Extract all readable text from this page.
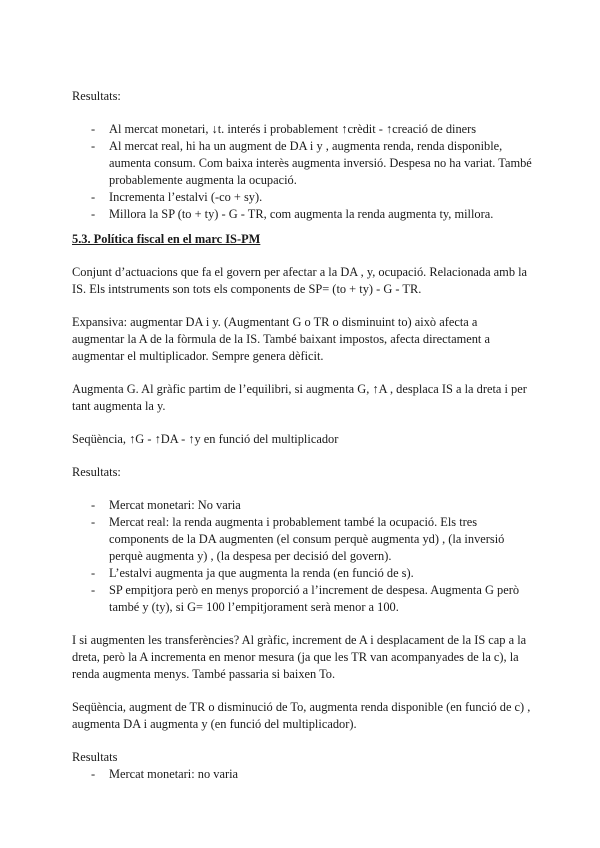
Resultats:

- Al mercat monetari, ↓t. interés i probablement ↑crèdit - ↑creació de diners
- Al mercat real, hi ha un augment de DA i y , augmenta renda, renda disponible, aumenta consum. Com baixa interès augmenta inversió. Despesa no ha variat. També probablemente augmenta la ocupació.
- Incrementa l’estalvi (-co + sy).
- Millora la SP (to + ty) - G - TR, com augmenta la renda augmenta ty, millora.
5.3. Política fiscal en el marc IS-PM

Conjunt d’actuacions que fa el govern per afectar a la DA , y, ocupació. Relacionada amb la IS. Els intstruments son tots els components de SP= (to + ty) - G - TR.

Expansiva: augmentar DA i y. (Augmentant G o TR o disminuint to) això afecta a augmentar la A de la fòrmula de la IS. També baixant impostos, afecta directament a augmentar el multiplicador. Sempre genera dèficit.

Augmenta G. Al gràfic partim de l’equilibri, si augmenta G, ↑A , desplaca IS a la dreta i per tant augmenta la y.

Seqüència, ↑G - ↑DA - ↑y en funció del multiplicador

Resultats:

- Mercat monetari: No varia
- Mercat real: la renda augmenta i probablement també la ocupació. Els tres components de la DA augmenten (el consum perquè augmenta yd) , (la inversió perquè augmenta y) , (la despesa per decisió del govern).
- L’estalvi augmenta ja que augmenta la renda (en funció de s).
- SP empitjora però en menys proporció a l’increment de despesa. Augmenta G però també y (ty), si G= 100 l’empitjorament serà menor a 100.

I si augmenten les transferències? Al gràfic, increment de A i desplacament de la IS cap a la dreta, però la A incrementa en menor mesura (ja que les TR van acompanyades de la c), la renda augmenta menys. També passaria si baixen To.

Seqüència, augment de TR o disminució de To, augmenta renda disponible (en funció de c) , augmenta DA i augmenta y (en funció del multiplicador).

Resultats

- Mercat monetari: no varia
